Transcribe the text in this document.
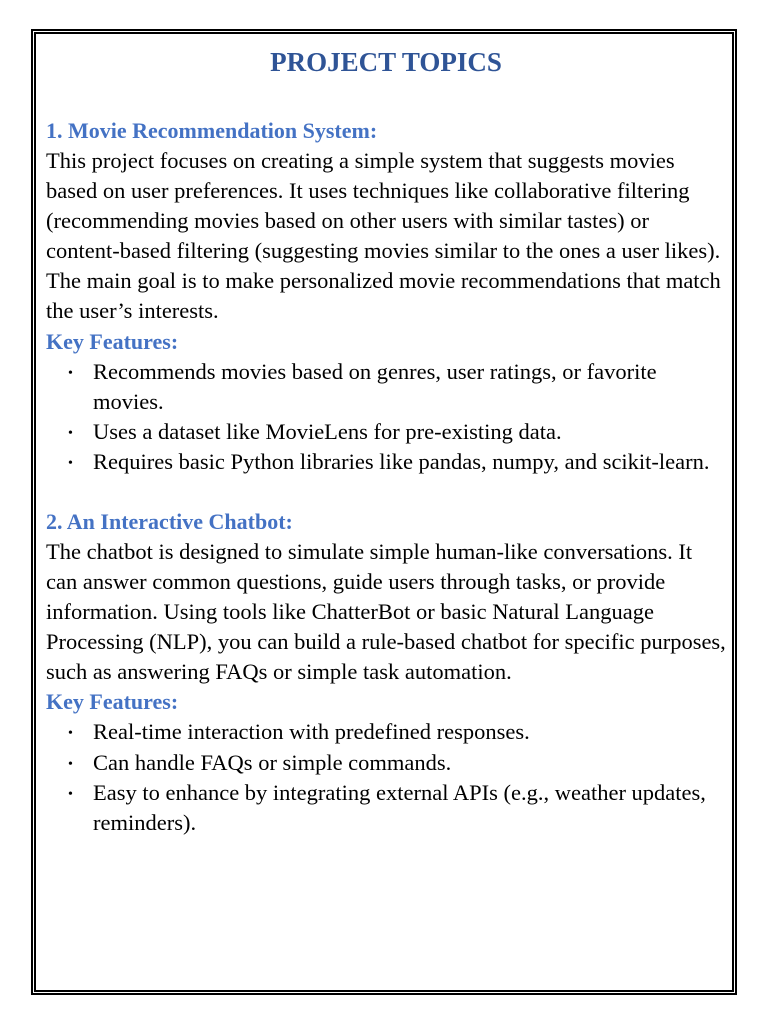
PROJECT TOPICS
1. Movie Recommendation System:

This project focuses on creating a simple system that suggests movies based on user preferences. It uses techniques like collaborative filtering (recommending movies based on other users with similar tastes) or content-based filtering (suggesting movies similar to the ones a user likes). The main goal is to make personalized movie recommendations that match the user’s interests.

Key Features:
• Recommends movies based on genres, user ratings, or favorite movies.
• Uses a dataset like MovieLens for pre-existing data.
• Requires basic Python libraries like pandas, numpy, and scikit-learn.
2. An Interactive Chatbot:

The chatbot is designed to simulate simple human-like conversations. It can answer common questions, guide users through tasks, or provide information. Using tools like ChatterBot or basic Natural Language Processing (NLP), you can build a rule-based chatbot for specific purposes, such as answering FAQs or simple task automation.

Key Features:
• Real-time interaction with predefined responses.
• Can handle FAQs or simple commands.
• Easy to enhance by integrating external APIs (e.g., weather updates, reminders).
